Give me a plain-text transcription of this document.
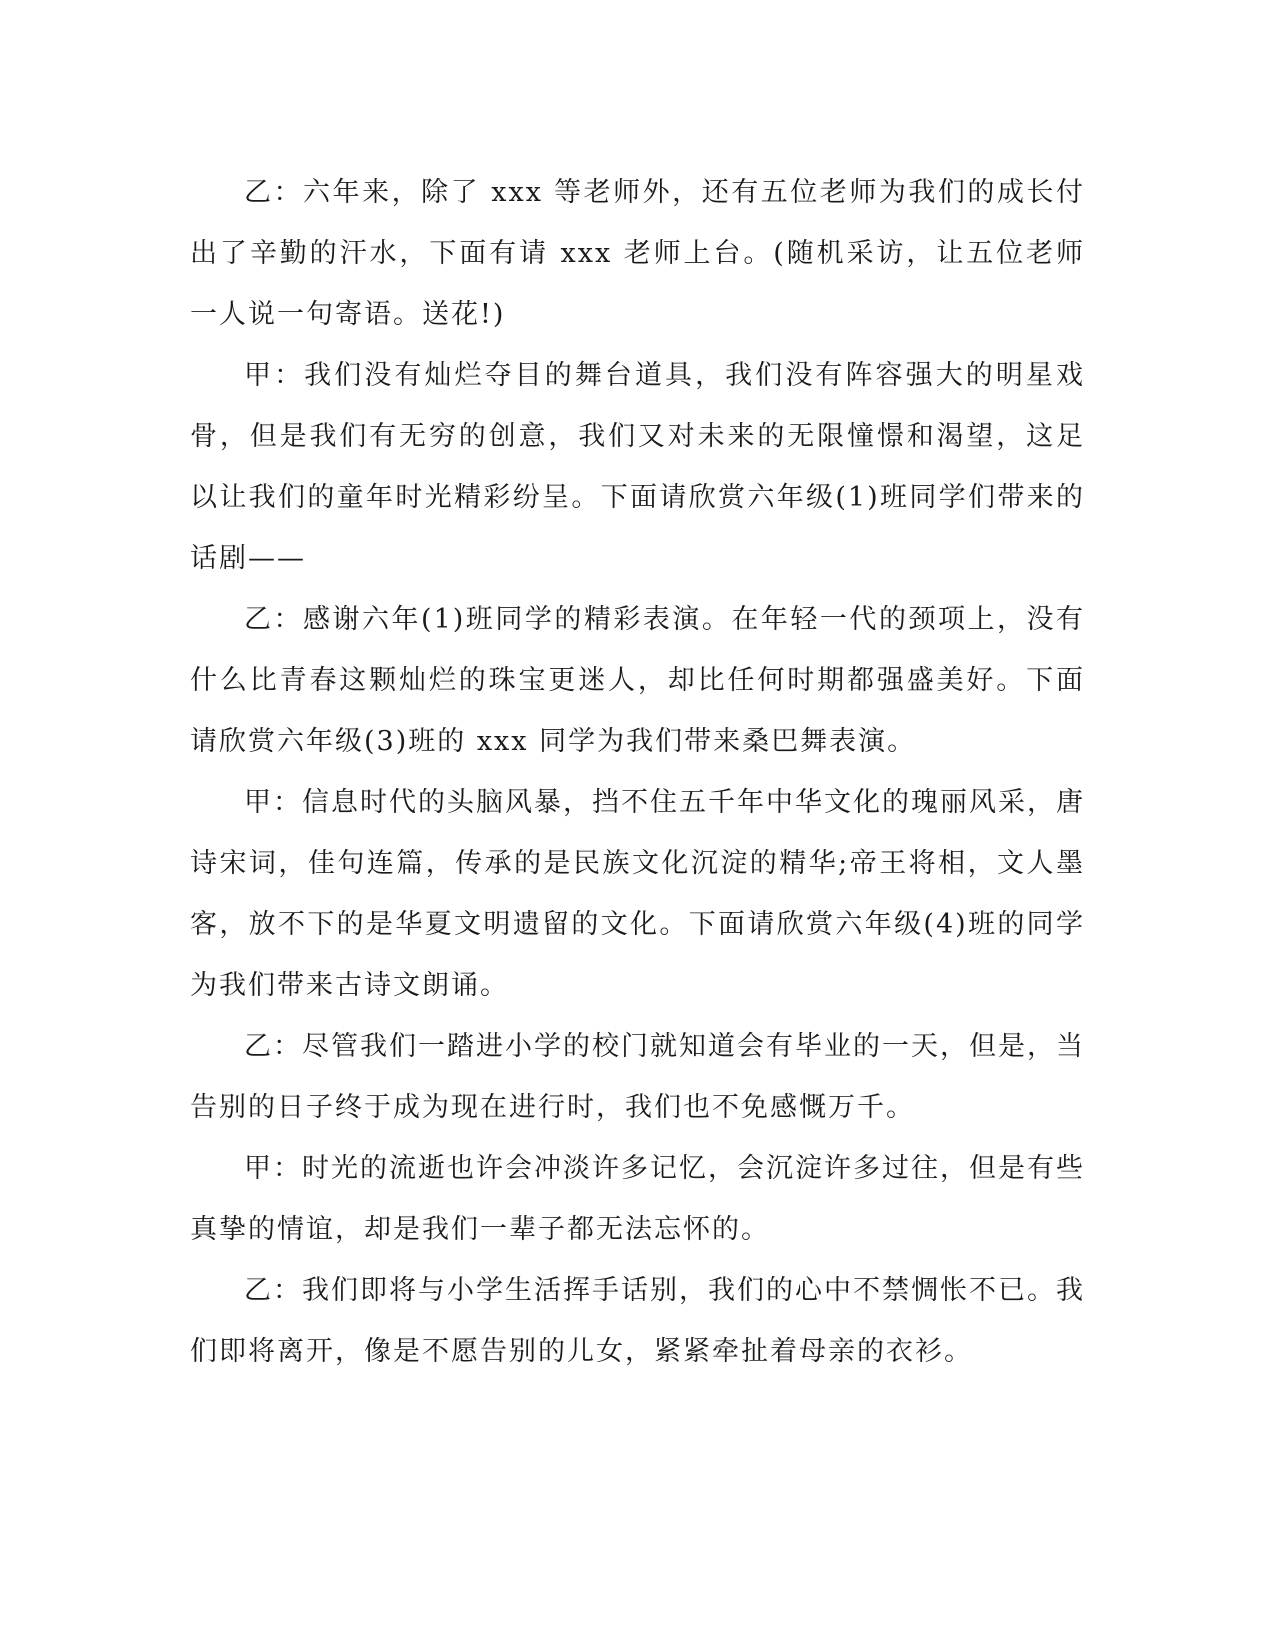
乙：六年来，除了 xxx 等老师外，还有五位老师为我们的成长付出了辛勤的汗水，下面有请 xxx 老师上台。(随机采访，让五位老师一人说一句寄语。送花!)

甲：我们没有灿烂夺目的舞台道具，我们没有阵容强大的明星戏骨，但是我们有无穷的创意，我们又对未来的无限憧憬和渴望，这足以让我们的童年时光精彩纷呈。下面请欣赏六年级(1)班同学们带来的话剧——

乙：感谢六年(1)班同学的精彩表演。在年轻一代的颈项上，没有什么比青春这颗灿烂的珠宝更迷人，却比任何时期都强盛美好。下面请欣赏六年级(3)班的 xxx 同学为我们带来桑巴舞表演。

甲：信息时代的头脑风暴，挡不住五千年中华文化的瑰丽风采，唐诗宋词，佳句连篇，传承的是民族文化沉淀的精华;帝王将相，文人墨客，放不下的是华夏文明遗留的文化。下面请欣赏六年级(4)班的同学为我们带来古诗文朗诵。

乙：尽管我们一踏进小学的校门就知道会有毕业的一天，但是，当告别的日子终于成为现在进行时，我们也不免感慨万千。

甲：时光的流逝也许会冲淡许多记忆，会沉淀许多过往，但是有些真挚的情谊，却是我们一辈子都无法忘怀的。

乙：我们即将与小学生活挥手话别，我们的心中不禁惆怅不已。我们即将离开，像是不愿告别的儿女，紧紧牵扯着母亲的衣衫。
